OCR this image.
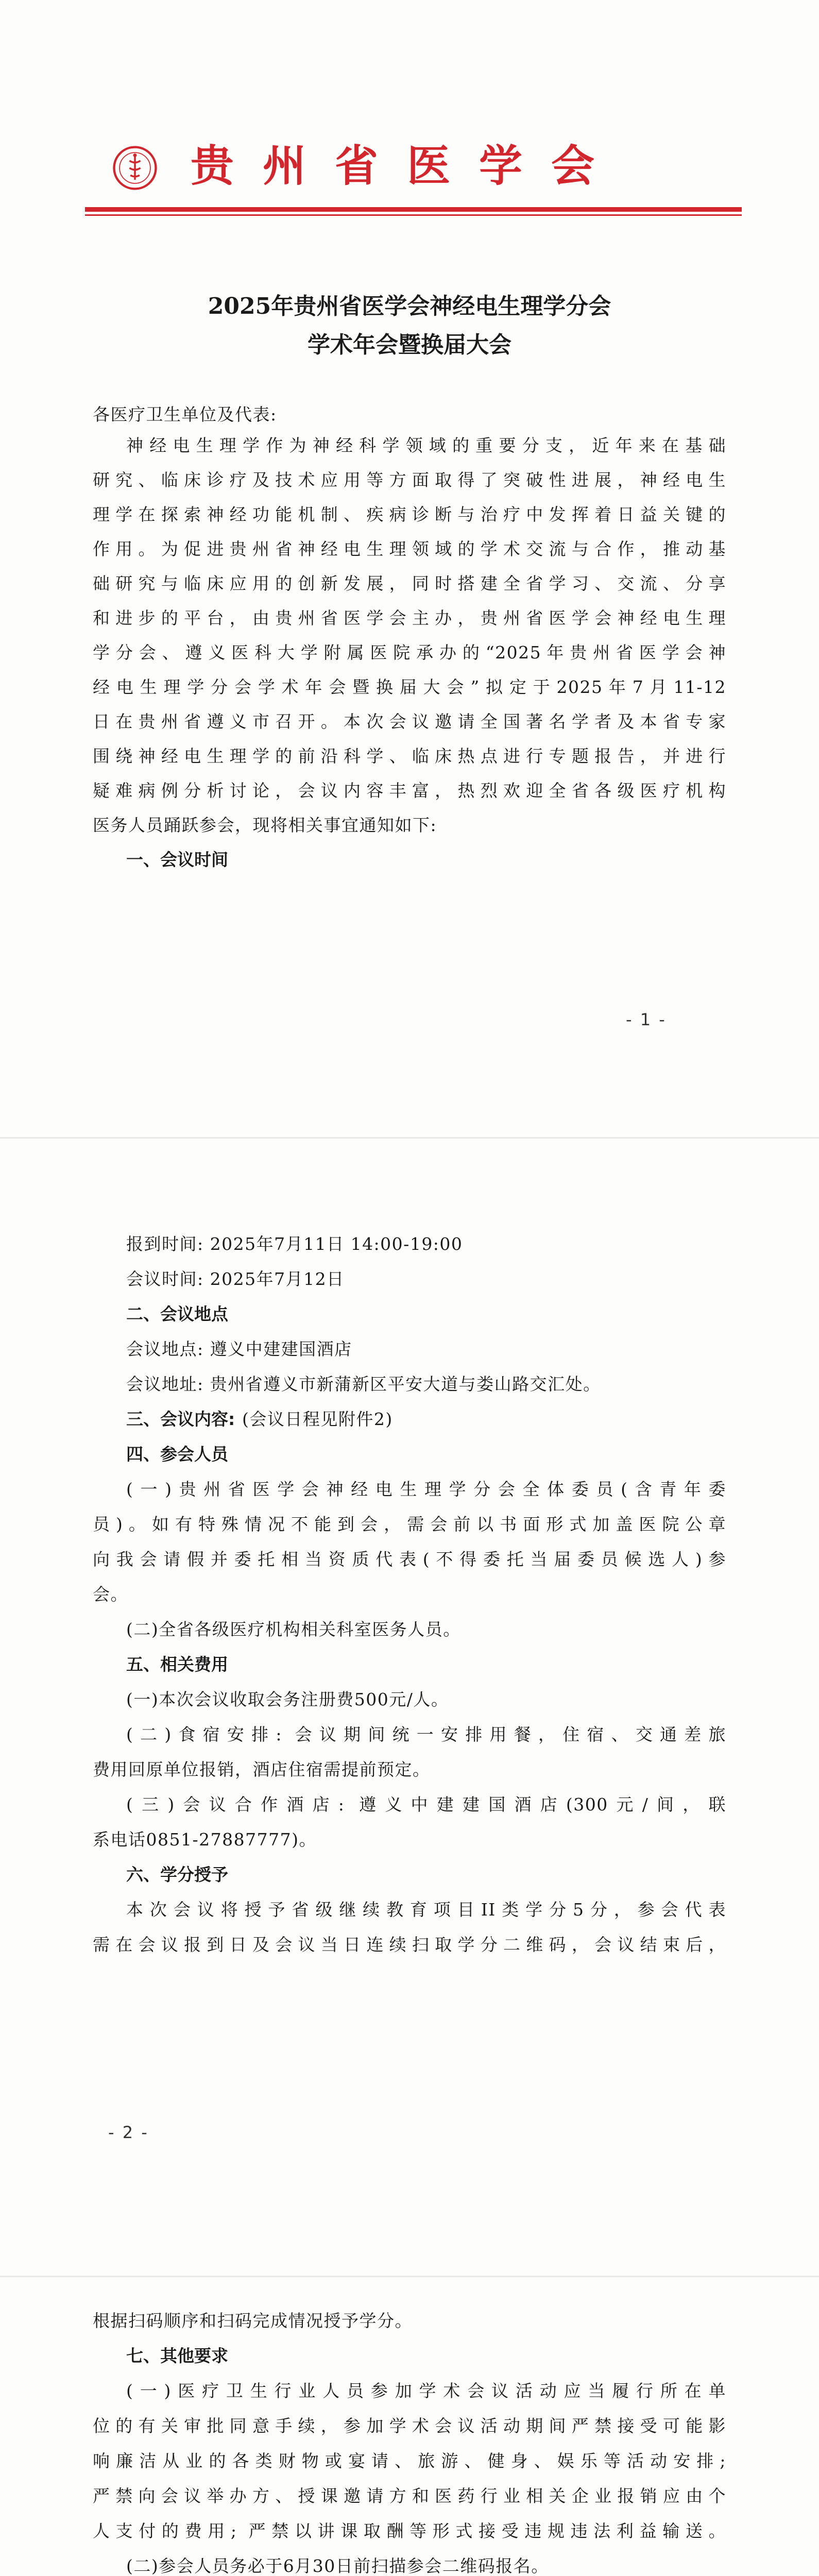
贵州省医学会
2025年贵州省医学会神经电生理学分会
学术年会暨换届大会
各医疗卫生单位及代表:
神经电生理学作为神经科学领域的重要分支，近年来在基础
研究、临床诊疗及技术应用等方面取得了突破性进展，神经电生
理学在探索神经功能机制、疾病诊断与治疗中发挥着日益关键的
作用。为促进贵州省神经电生理领域的学术交流与合作，推动基
础研究与临床应用的创新发展，同时搭建全省学习、交流、分享
和进步的平台，由贵州省医学会主办，贵州省医学会神经电生理
学分会、遵义医科大学附属医院承办的“2025年贵州省医学会神
经电生理学分会学术年会暨换届大会”拟定于2025年7月11-12
日在贵州省遵义市召开。本次会议邀请全国著名学者及本省专家
围绕神经电生理学的前沿科学、临床热点进行专题报告，并进行
疑难病例分析讨论，会议内容丰富，热烈欢迎全省各级医疗机构
医务人员踊跃参会，现将相关事宜通知如下:
一、会议时间
- 1 -
报到时间: 2025年7月11日 14:00-19:00
会议时间: 2025年7月12日
二、会议地点
会议地点: 遵义中建建国酒店
会议地址: 贵州省遵义市新蒲新区平安大道与娄山路交汇处。
三、会议内容: (会议日程见附件2)
四、参会人员
(一)贵州省医学会神经电生理学分会全体委员(含青年委
员)。如有特殊情况不能到会，需会前以书面形式加盖医院公章
向我会请假并委托相当资质代表(不得委托当届委员候选人)参
会。
(二)全省各级医疗机构相关科室医务人员。
五、相关费用
(一)本次会议收取会务注册费500元/人。
(二)食宿安排: 会议期间统一安排用餐，住宿、交通差旅
费用回原单位报销，酒店住宿需提前预定。
(三)会议合作酒店: 遵义中建建国酒店(300元/间，联
系电话0851-27887777)。
六、学分授予
本次会议将授予省级继续教育项目II类学分5分，参会代表
需在会议报到日及会议当日连续扫取学分二维码，会议结束后，
- 2 -
根据扫码顺序和扫码完成情况授予学分。
七、其他要求
(一)医疗卫生行业人员参加学术会议活动应当履行所在单
位的有关审批同意手续，参加学术会议活动期间严禁接受可能影
响廉洁从业的各类财物或宴请、旅游、健身、娱乐等活动安排;
严禁向会议举办方、授课邀请方和医药行业相关企业报销应由个
人支付的费用; 严禁以讲课取酬等形式接受违规违法利益输送。
(二)参会人员务必于6月30日前扫描参会二维码报名。
